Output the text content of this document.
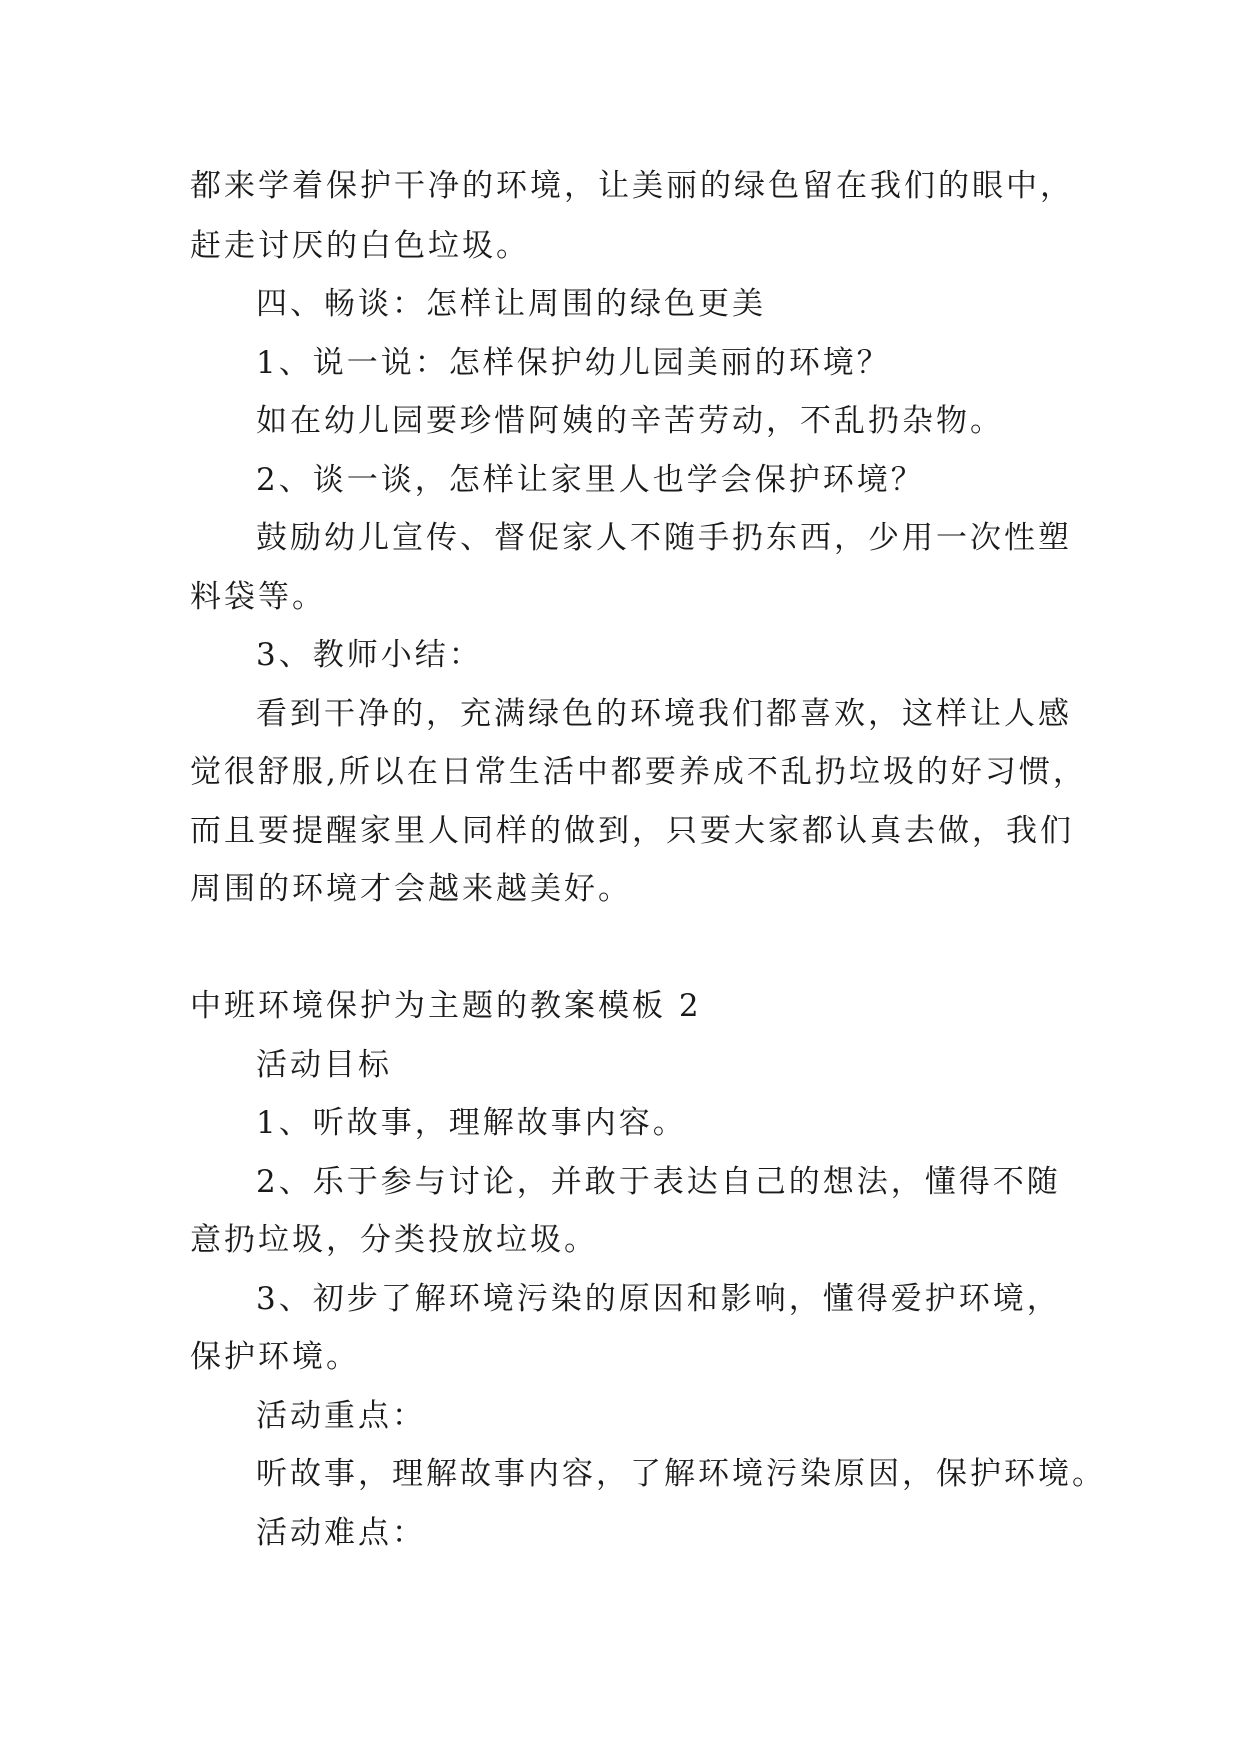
都来学着保护干净的环境，让美丽的绿色留在我们的眼中，
赶走讨厌的白色垃圾。
四、畅谈：怎样让周围的绿色更美
1、说一说：怎样保护幼儿园美丽的环境？
如在幼儿园要珍惜阿姨的辛苦劳动，不乱扔杂物。
2、谈一谈，怎样让家里人也学会保护环境？
鼓励幼儿宣传、督促家人不随手扔东西，少用一次性塑
料袋等。
3、教师小结：
看到干净的，充满绿色的环境我们都喜欢，这样让人感
觉很舒服,所以在日常生活中都要养成不乱扔垃圾的好习惯，
而且要提醒家里人同样的做到，只要大家都认真去做，我们
周围的环境才会越来越美好。
中班环境保护为主题的教案模板 2
活动目标
1、听故事，理解故事内容。
2、乐于参与讨论，并敢于表达自己的想法，懂得不随
意扔垃圾，分类投放垃圾。
3、初步了解环境污染的原因和影响，懂得爱护环境，
保护环境。
活动重点：
听故事，理解故事内容，了解环境污染原因，保护环境。
活动难点：
